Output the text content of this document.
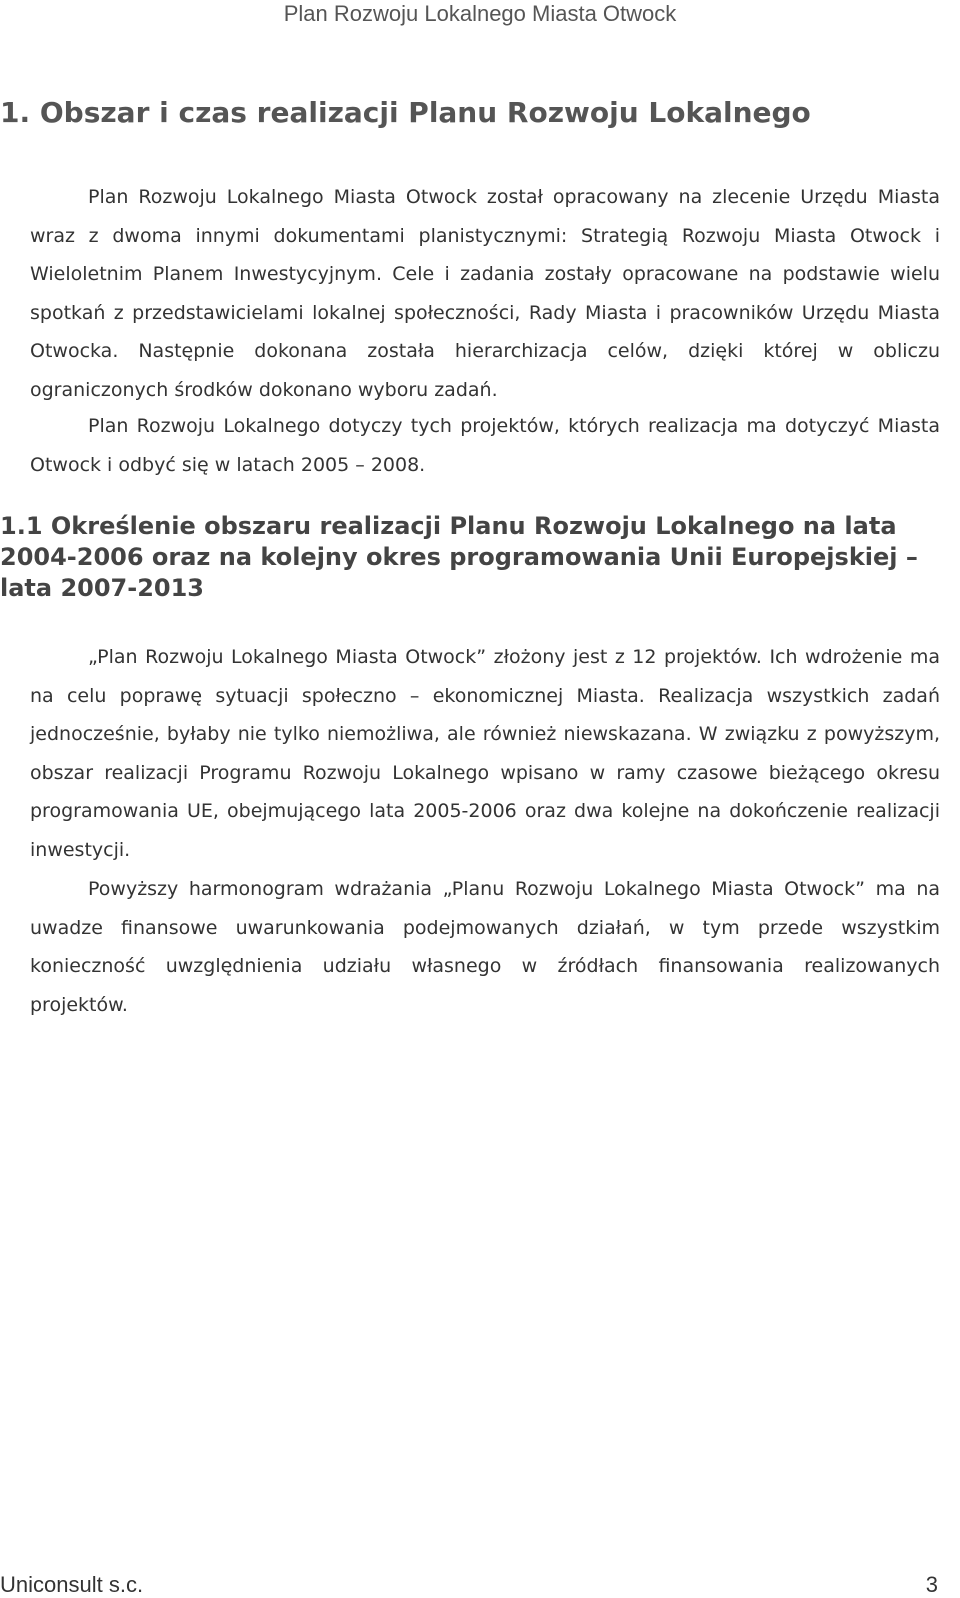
Plan Rozwoju Lokalnego Miasta Otwock
1. Obszar i czas realizacji Planu Rozwoju Lokalnego

Plan Rozwoju Lokalnego Miasta Otwock został opracowany na zlecenie Urzędu Miasta wraz z dwoma innymi dokumentami planistycznymi: Strategią Rozwoju Miasta Otwock i Wieloletnim Planem Inwestycyjnym. Cele i zadania zostały opracowane na podstawie wielu spotkań z przedstawicielami lokalnej społeczności, Rady Miasta i pracowników Urzędu Miasta Otwocka. Następnie dokonana została hierarchizacja celów, dzięki której w obliczu ograniczonych środków dokonano wyboru zadań.

Plan Rozwoju Lokalnego dotyczy tych projektów, których realizacja ma dotyczyć Miasta Otwock i odbyć się w latach 2005 – 2008.

1.1 Określenie obszaru realizacji Planu Rozwoju Lokalnego na lata 2004-2006 oraz na kolejny okres programowania Unii Europejskiej – lata 2007-2013

„Plan Rozwoju Lokalnego Miasta Otwock” złożony jest z 12 projektów. Ich wdrożenie ma na celu poprawę sytuacji społeczno – ekonomicznej Miasta. Realizacja wszystkich zadań jednocześnie, byłaby nie tylko niemożliwa, ale również niewskazana. W związku z powyższym, obszar realizacji Programu Rozwoju Lokalnego wpisano w ramy czasowe bieżącego okresu programowania UE, obejmującego lata 2005-2006 oraz dwa kolejne na dokończenie realizacji inwestycji.

Powyższy harmonogram wdrażania „Planu Rozwoju Lokalnego Miasta Otwock” ma na uwadze finansowe uwarunkowania podejmowanych działań, w tym przede wszystkim konieczność uwzględnienia udziału własnego w źródłach finansowania realizowanych projektów.

Uniconsult s.c.	3
